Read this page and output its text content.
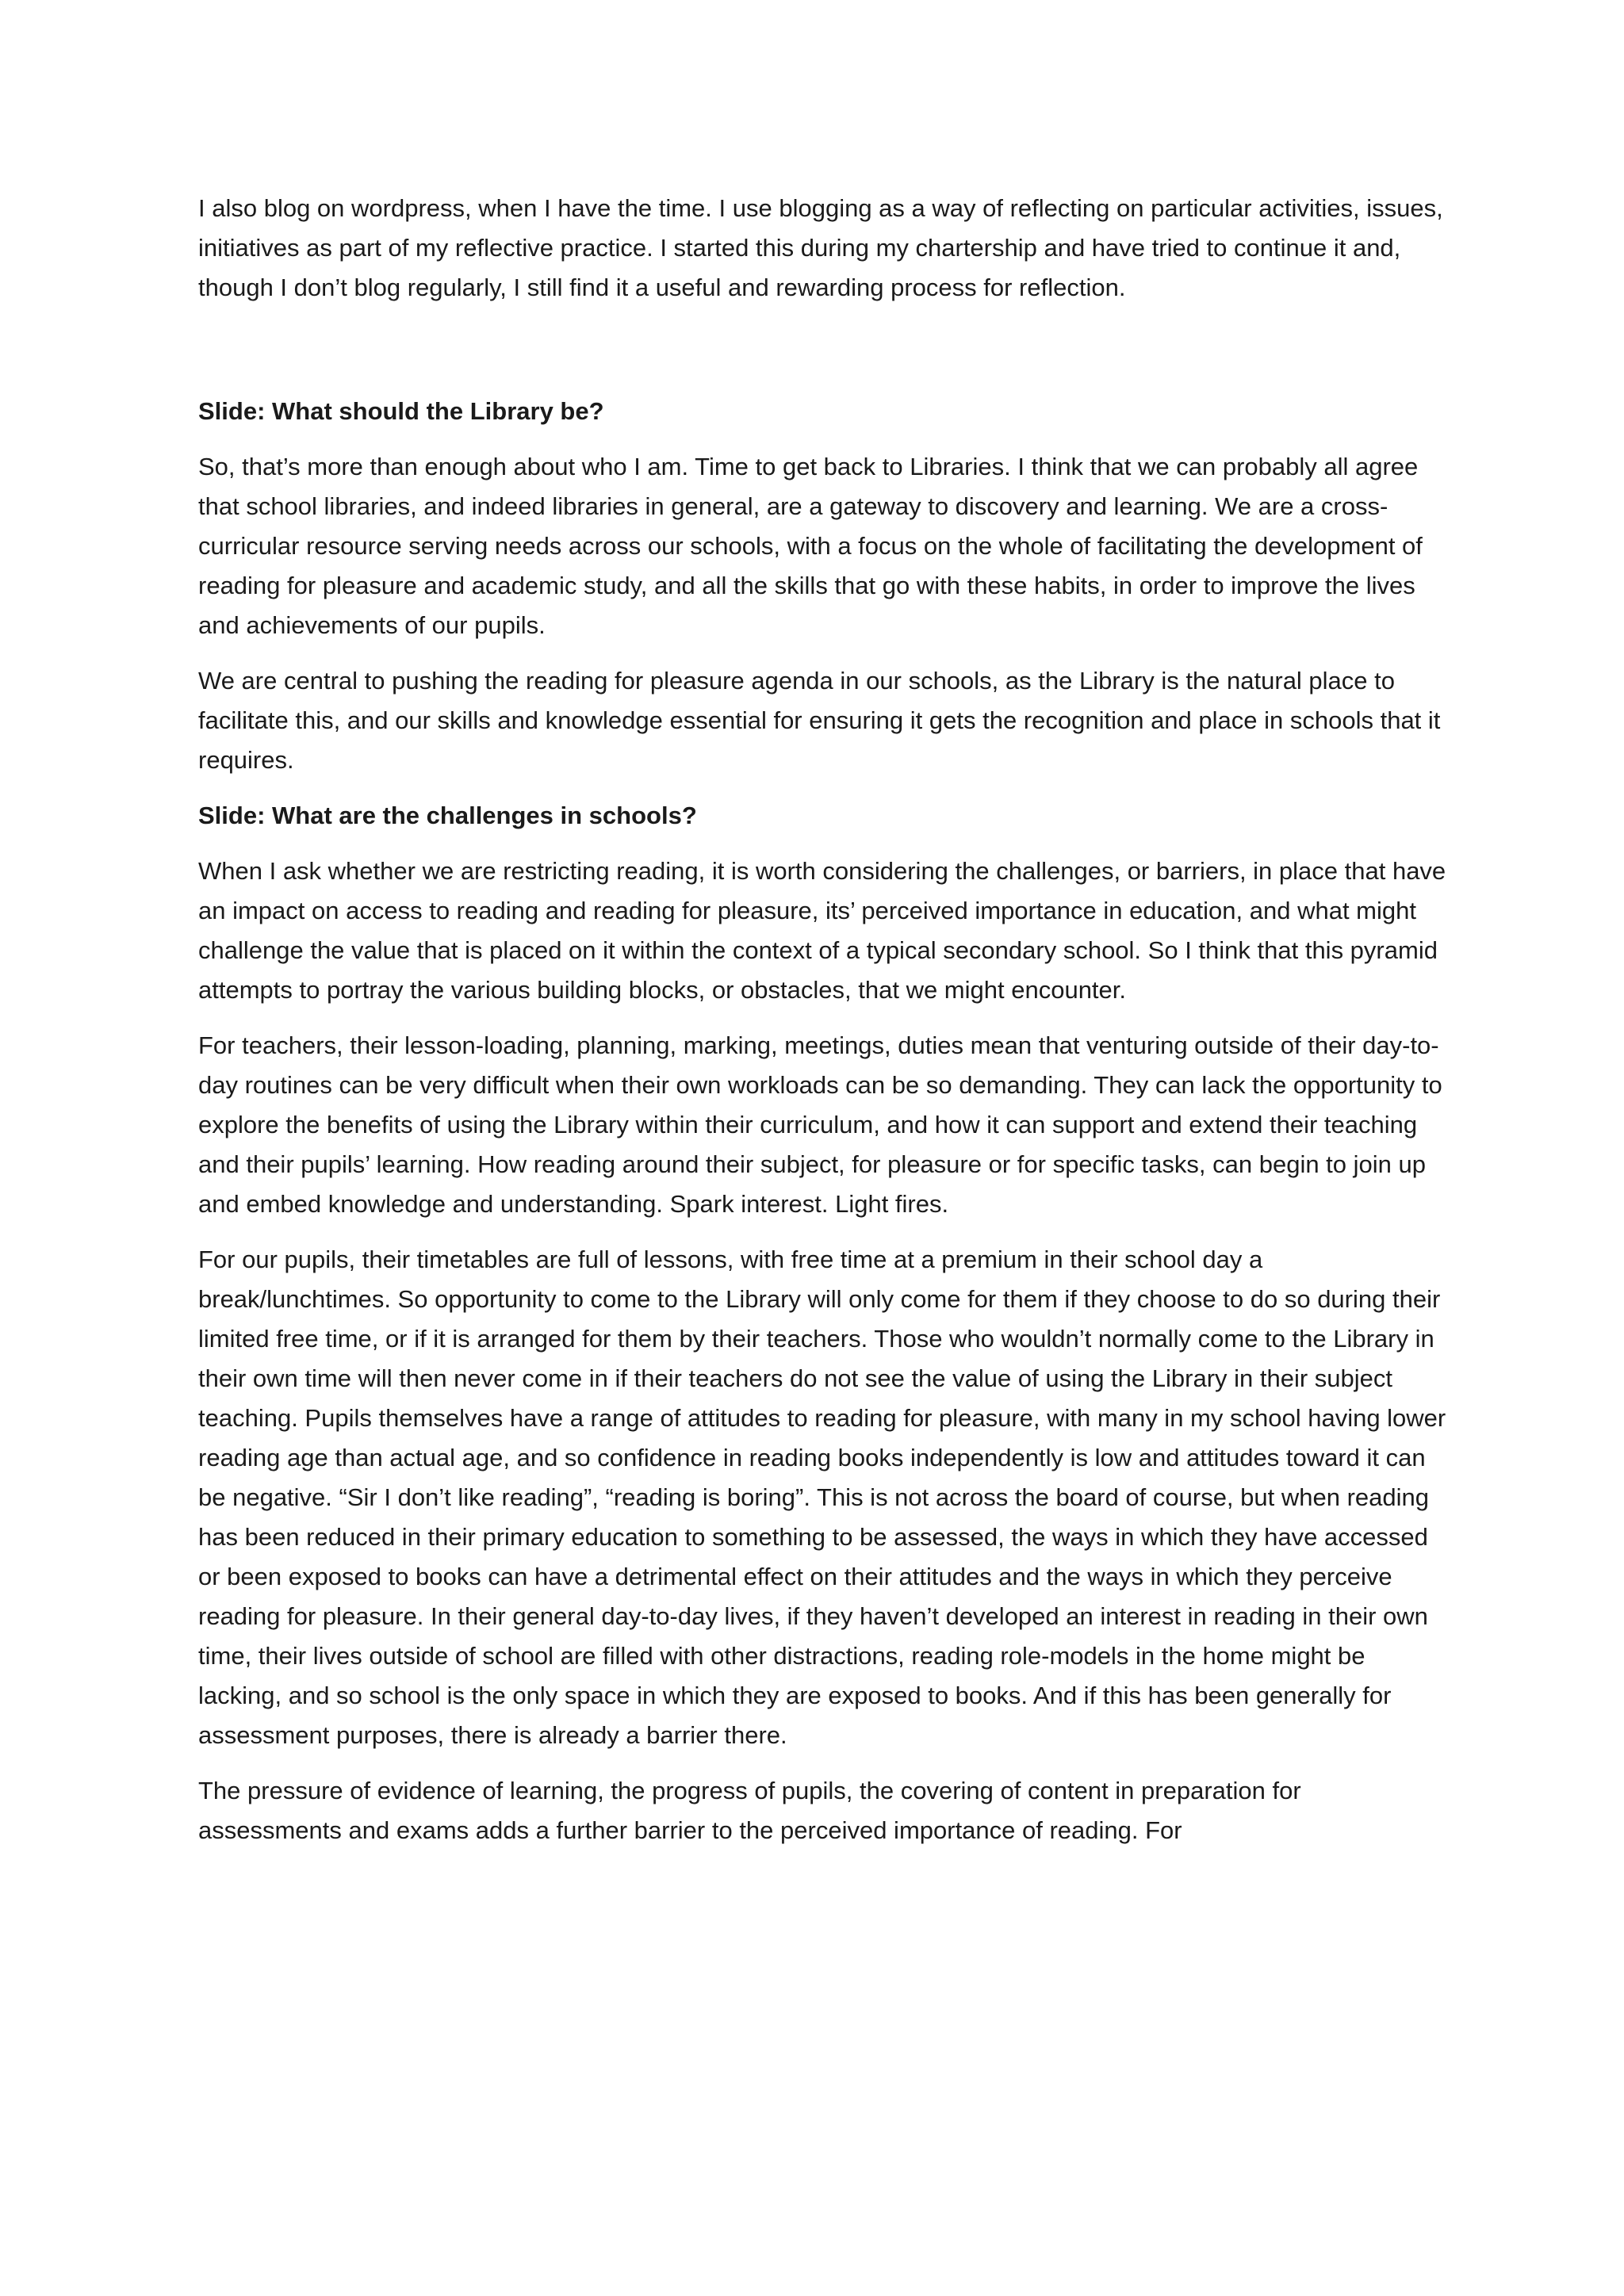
I also blog on wordpress, when I have the time. I use blogging as a way of reflecting on particular activities, issues, initiatives as part of my reflective practice. I started this during my chartership and have tried to continue it and, though I don’t blog regularly, I still find it a useful and rewarding process for reflection.

Slide: What should the Library be?

So, that’s more than enough about who I am. Time to get back to Libraries. I think that we can probably all agree that school libraries, and indeed libraries in general, are a gateway to discovery and learning. We are a cross-curricular resource serving needs across our schools, with a focus on the whole of facilitating the development of reading for pleasure and academic study, and all the skills that go with these habits, in order to improve the lives and achievements of our pupils.

We are central to pushing the reading for pleasure agenda in our schools, as the Library is the natural place to facilitate this, and our skills and knowledge essential for ensuring it gets the recognition and place in schools that it requires.

Slide: What are the challenges in schools?

When I ask whether we are restricting reading, it is worth considering the challenges, or barriers, in place that have an impact on access to reading and reading for pleasure, its’ perceived importance in education, and what might challenge the value that is placed on it within the context of a typical secondary school. So I think that this pyramid attempts to portray the various building blocks, or obstacles, that we might encounter.

For teachers, their lesson-loading, planning, marking, meetings, duties mean that venturing outside of their day-to-day routines can be very difficult when their own workloads can be so demanding. They can lack the opportunity to explore the benefits of using the Library within their curriculum, and how it can support and extend their teaching and their pupils’ learning. How reading around their subject, for pleasure or for specific tasks, can begin to join up and embed knowledge and understanding. Spark interest. Light fires.

For our pupils, their timetables are full of lessons, with free time at a premium in their school day a break/lunchtimes. So opportunity to come to the Library will only come for them if they choose to do so during their limited free time, or if it is arranged for them by their teachers. Those who wouldn’t normally come to the Library in their own time will then never come in if their teachers do not see the value of using the Library in their subject teaching. Pupils themselves have a range of attitudes to reading for pleasure, with many in my school having lower reading age than actual age, and so confidence in reading books independently is low and attitudes toward it can be negative. “Sir I don’t like reading”, “reading is boring”. This is not across the board of course, but when reading has been reduced in their primary education to something to be assessed, the ways in which they have accessed or been exposed to books can have a detrimental effect on their attitudes and the ways in which they perceive reading for pleasure. In their general day-to-day lives, if they haven’t developed an interest in reading in their own time, their lives outside of school are filled with other distractions, reading role-models in the home might be lacking, and so school is the only space in which they are exposed to books. And if this has been generally for assessment purposes, there is already a barrier there.

The pressure of evidence of learning, the progress of pupils, the covering of content in preparation for assessments and exams adds a further barrier to the perceived importance of reading. For
